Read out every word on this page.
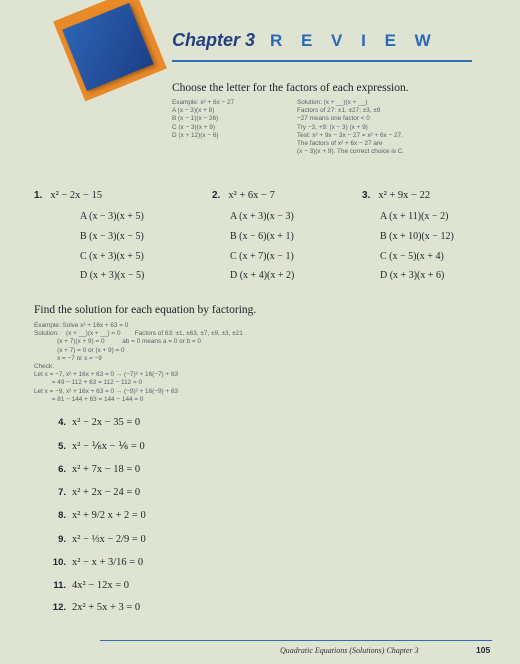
Chapter 3 R E V I E W
Choose the letter for the factors of each expression.
Example: x² + 6x − 27
A (x − 3)(x + 8)
B (x − 1)(x − 26)
C (x − 3)(x + 9)
D (x + 12)(x − 6)
Solution: (x + __)(x + __)
Factors of 27: ±1, ±27; ±3, ±9
−27 means one factor < 0
Try −3, +9: (x − 3) (x + 9)
Test: x² + 9x − 3x − 27 = x² + 6x − 27.
The factors of x² + 6x − 27 are
(x − 3)(x + 9). The correct choice is C.
1. x² − 2x − 15
A (x − 3)(x + 5)
B (x − 3)(x − 5)
C (x + 3)(x + 5)
D (x + 3)(x − 5)
2. x² + 6x − 7
A (x + 3)(x − 3)
B (x − 6)(x + 1)
C (x + 7)(x − 1)
D (x + 4)(x + 2)
3. x² + 9x − 22
A (x + 11)(x − 2)
B (x + 10)(x − 12)
C (x − 5)(x + 4)
D (x + 3)(x + 6)
Find the solution for each equation by factoring.
Example: Solve x² + 16x + 63 = 0
Solution:    (x + __)(x + __) = 0        Factors of 63: ±1, ±63, ±7, ±9, ±3, ±21
(x + 7)(x + 9) = 0          ab = 0 means a = 0 or b = 0
(x + 7) = 0 or (x + 9) = 0
x = −7 or x = −9
Check:
Let x = −7, x² + 16x + 63 = 0 → (−7)² + 16(−7) + 63
= 49 − 112 + 63 = 112 − 112 = 0
Let x = −9, x² + 16x + 63 = 0 → (−9)² + 16(−9) + 63
= 81 − 144 + 63 = 144 − 144 = 0
4. x² − 2x − 35 = 0
5. x² − ⅙x − ⅙ = 0
6. x² + 7x − 18 = 0
7. x² + 2x − 24 = 0
8. x² + 9/2 x + 2 = 0
9. x² − ⅓x − 2/9 = 0
10. x² − x + 3/16 = 0
11. 4x² − 12x = 0
12. 2x² + 5x + 3 = 0
Quadratic Equations (Solutions) Chapter 3	105
